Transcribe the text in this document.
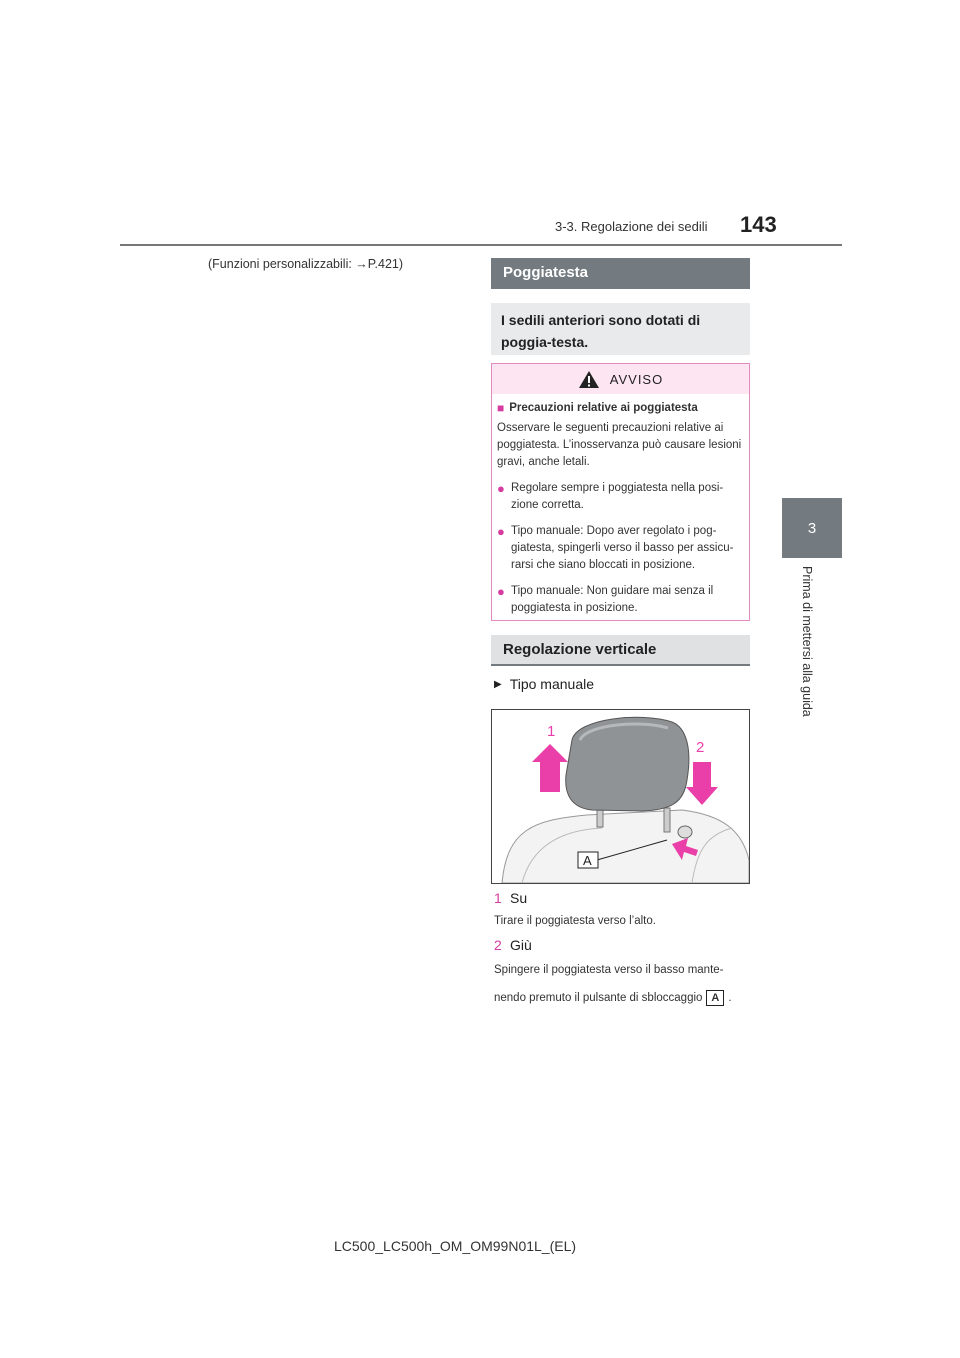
3-3. Regolazione dei sedili 143
3
Prima di mettersi alla guida
(Funzioni personalizzabili: →P.421)	Poggiatesta
I sedili anteriori sono dotati di poggia-testa.
AVVISO
■ Precauzioni relative ai poggiatesta
Osservare le seguenti precauzioni relative ai poggiatesta. L’inosservanza può causare lesioni gravi, anche letali.
● Regolare sempre i poggiatesta nella posi-zione corretta.
● Tipo manuale: Dopo aver regolato i pog-giatesta, spingerli verso il basso per assicu-rarsi che siano bloccati in posizione.
● Tipo manuale: Non guidare mai senza il poggiatesta in posizione.
Regolazione verticale
▶ Tipo manuale
A
1
2
1 Su
Tirare il poggiatesta verso l’alto.
2 Giù
Spingere il poggiatesta verso il basso mante-
nendo premuto il pulsante di sbloccaggio A .
LC500_LC500h_OM_OM99N01L_(EL)
